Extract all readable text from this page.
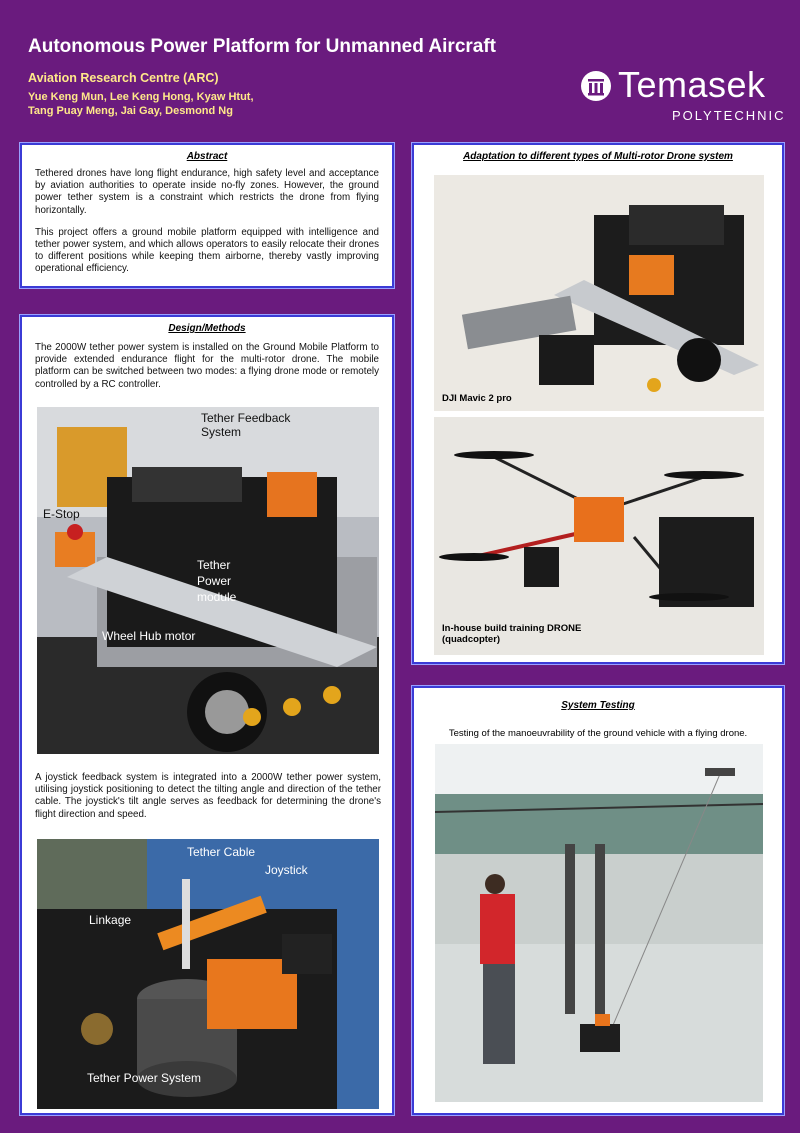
Autonomous Power Platform for Unmanned Aircraft
Aviation Research Centre (ARC)
Yue Keng Mun, Lee Keng Hong, Kyaw Htut,
Tang Puay Meng, Jai Gay, Desmond Ng
Temasek
POLYTECHNIC
Abstract
Tethered drones have long flight endurance, high safety level and acceptance by aviation authorities to operate inside no-fly zones. However, the ground power tether system is a constraint which restricts the drone from flying horizontally.
This project offers a ground mobile platform equipped with intelligence and tether power system, and which allows operators to easily relocate their drones to different positions while keeping them airborne, thereby vastly improving operational efficiency.
Design/Methods
The 2000W tether power system is installed on the Ground Mobile Platform to provide extended endurance flight for the multi-rotor drone. The mobile platform can be switched between two modes: a flying drone mode or remotely controlled by a RC controller.
Tether Feedback System
E-Stop
Tether Power module
Wheel Hub motor
A joystick feedback system is integrated into a 2000W tether power system, utilising joystick positioning to detect the tilting angle and direction of the tether cable. The joystick's tilt angle serves as feedback for determining the drone's flight direction and speed.
Tether Cable
Joystick
Linkage
Tether Power System
Adaptation to different types of Multi-rotor Drone system
DJI Mavic 2 pro
In-house build training DRONE
(quadcopter)
System Testing
Testing of the manoeuvrability of the ground vehicle with a flying drone.
